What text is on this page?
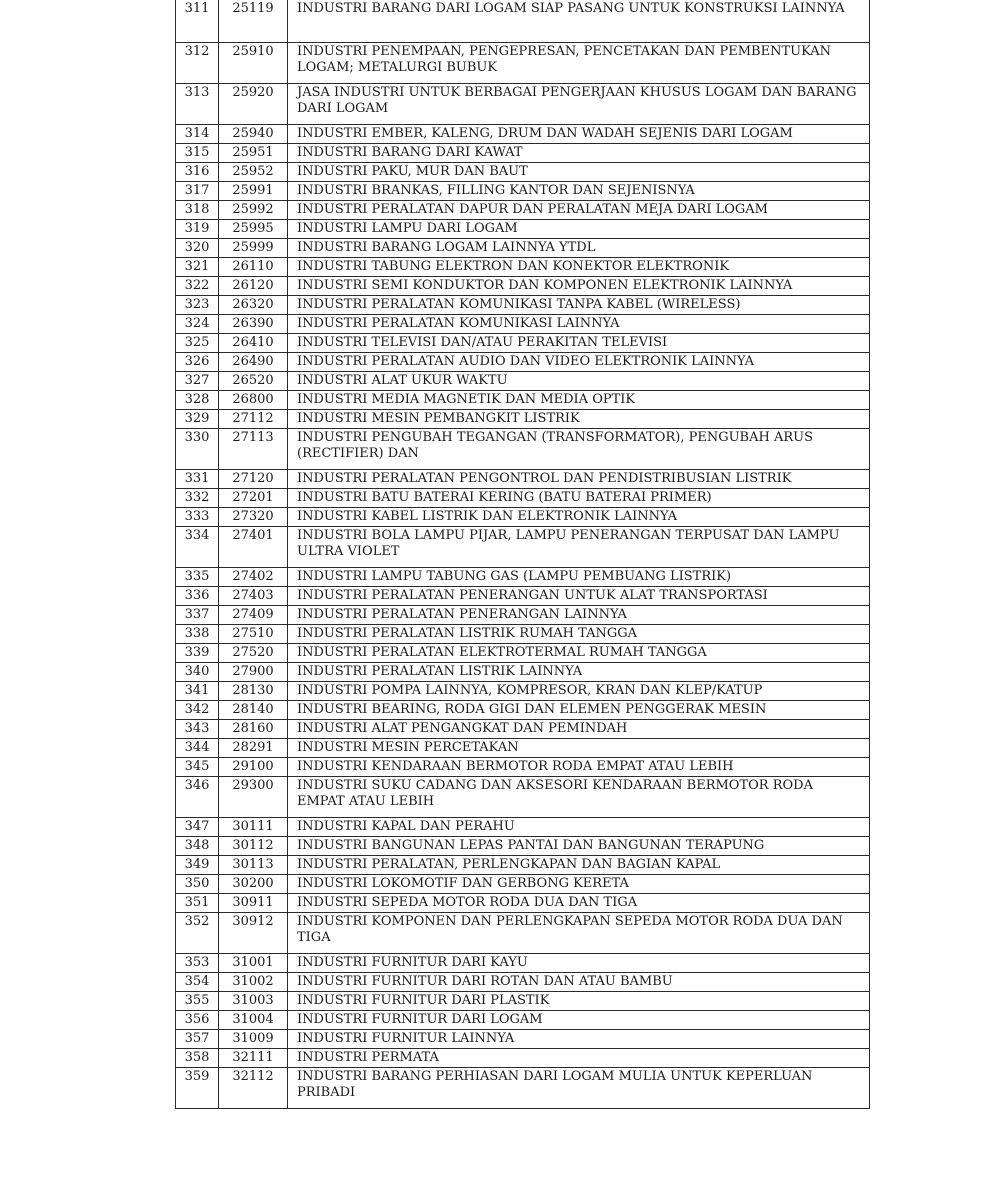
311	25119	INDUSTRI BARANG DARI LOGAM SIAP PASANG UNTUK KONSTRUKSI LAINNYA
312	25910	INDUSTRI PENEMPAAN, PENGEPRESAN, PENCETAKAN DAN PEMBENTUKAN LOGAM; METALURGI BUBUK
313	25920	JASA INDUSTRI UNTUK BERBAGAI PENGERJAAN KHUSUS LOGAM DAN BARANG DARI LOGAM
314	25940	INDUSTRI EMBER, KALENG, DRUM DAN WADAH SEJENIS DARI LOGAM
315	25951	INDUSTRI BARANG DARI KAWAT
316	25952	INDUSTRI PAKU, MUR DAN BAUT
317	25991	INDUSTRI BRANKAS, FILLING KANTOR DAN SEJENISNYA
318	25992	INDUSTRI PERALATAN DAPUR DAN PERALATAN MEJA DARI LOGAM
319	25995	INDUSTRI LAMPU DARI LOGAM
320	25999	INDUSTRI BARANG LOGAM LAINNYA YTDL
321	26110	INDUSTRI TABUNG ELEKTRON DAN KONEKTOR ELEKTRONIK
322	26120	INDUSTRI SEMI KONDUKTOR DAN KOMPONEN ELEKTRONIK LAINNYA
323	26320	INDUSTRI PERALATAN KOMUNIKASI TANPA KABEL (WIRELESS)
324	26390	INDUSTRI PERALATAN KOMUNIKASI LAINNYA
325	26410	INDUSTRI TELEVISI DAN/ATAU PERAKITAN TELEVISI
326	26490	INDUSTRI PERALATAN AUDIO DAN VIDEO ELEKTRONIK LAINNYA
327	26520	INDUSTRI ALAT UKUR WAKTU
328	26800	INDUSTRI MEDIA MAGNETIK DAN MEDIA OPTIK
329	27112	INDUSTRI MESIN PEMBANGKIT LISTRIK
330	27113	INDUSTRI PENGUBAH TEGANGAN (TRANSFORMATOR), PENGUBAH ARUS (RECTIFIER) DAN
331	27120	INDUSTRI PERALATAN PENGONTROL DAN PENDISTRIBUSIAN LISTRIK
332	27201	INDUSTRI BATU BATERAI KERING (BATU BATERAI PRIMER)
333	27320	INDUSTRI KABEL LISTRIK DAN ELEKTRONIK LAINNYA
334	27401	INDUSTRI BOLA LAMPU PIJAR, LAMPU PENERANGAN TERPUSAT DAN LAMPU ULTRA VIOLET
335	27402	INDUSTRI LAMPU TABUNG GAS (LAMPU PEMBUANG LISTRIK)
336	27403	INDUSTRI PERALATAN PENERANGAN UNTUK ALAT TRANSPORTASI
337	27409	INDUSTRI PERALATAN PENERANGAN LAINNYA
338	27510	INDUSTRI PERALATAN LISTRIK RUMAH TANGGA
339	27520	INDUSTRI PERALATAN ELEKTROTERMAL RUMAH TANGGA
340	27900	INDUSTRI PERALATAN LISTRIK LAINNYA
341	28130	INDUSTRI POMPA LAINNYA, KOMPRESOR, KRAN DAN KLEP/KATUP
342	28140	INDUSTRI BEARING, RODA GIGI DAN ELEMEN PENGGERAK MESIN
343	28160	INDUSTRI ALAT PENGANGKAT DAN PEMINDAH
344	28291	INDUSTRI MESIN PERCETAKAN
345	29100	INDUSTRI KENDARAAN BERMOTOR RODA EMPAT ATAU LEBIH
346	29300	INDUSTRI SUKU CADANG DAN AKSESORI KENDARAAN BERMOTOR RODA EMPAT ATAU LEBIH
347	30111	INDUSTRI KAPAL DAN PERAHU
348	30112	INDUSTRI BANGUNAN LEPAS PANTAI DAN BANGUNAN TERAPUNG
349	30113	INDUSTRI PERALATAN, PERLENGKAPAN DAN BAGIAN KAPAL
350	30200	INDUSTRI LOKOMOTIF DAN GERBONG KERETA
351	30911	INDUSTRI SEPEDA MOTOR RODA DUA DAN TIGA
352	30912	INDUSTRI KOMPONEN DAN PERLENGKAPAN SEPEDA MOTOR RODA DUA DAN TIGA
353	31001	INDUSTRI FURNITUR DARI KAYU
354	31002	INDUSTRI FURNITUR DARI ROTAN DAN ATAU BAMBU
355	31003	INDUSTRI FURNITUR DARI PLASTIK
356	31004	INDUSTRI FURNITUR DARI LOGAM
357	31009	INDUSTRI FURNITUR LAINNYA
358	32111	INDUSTRI PERMATA
359	32112	INDUSTRI BARANG PERHIASAN DARI LOGAM MULIA UNTUK KEPERLUAN PRIBADI
